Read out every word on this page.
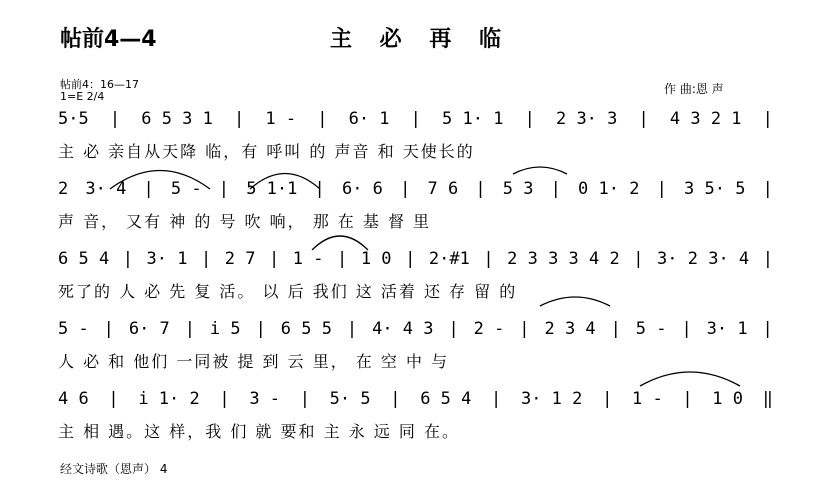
帖前4—4	主 必 再 临
帖前4：16—17
1=E 2/4
作 曲:恩 声
5·5 | 6 5 3 1 | 1 - | 6· 1 | 5 1· 1 | 2 3· 3 | 4 3 2 1 |
主 必 亲自从天降 临，有 呼叫 的 声音 和 天使长的
2 3· 4 | 5 - | 5 1·1 | 6· 6 | 7 6 | 5 3 | 0 1· 2 | 3 5· 5 |
声 音， 又有 神 的 号 吹 响， 那 在 基 督 里
6 5 4 | 3· 1 | 2 7 | 1 - | 1 0 | 2·#1 | 2 3 3 3 4 2 | 3· 2 3· 4 |
死了的 人 必 先 复 活。 以 后 我们 这 活着 还 存 留 的
5 - | 6· 7 | i 5 | 6 5 5 | 4· 4 3 | 2 - | 2 3 4 | 5 - | 3· 1 |
人 必 和 他们 一同被 提 到 云 里， 在 空 中 与
4 6 | i 1· 2 | 3 - | 5· 5 | 6 5 4 | 3· 1 2 | 1 - | 1 0 ‖
主 相 遇。这 样，我 们 就 要和 主 永 远 同 在。
经文诗歌（恩声） 4
